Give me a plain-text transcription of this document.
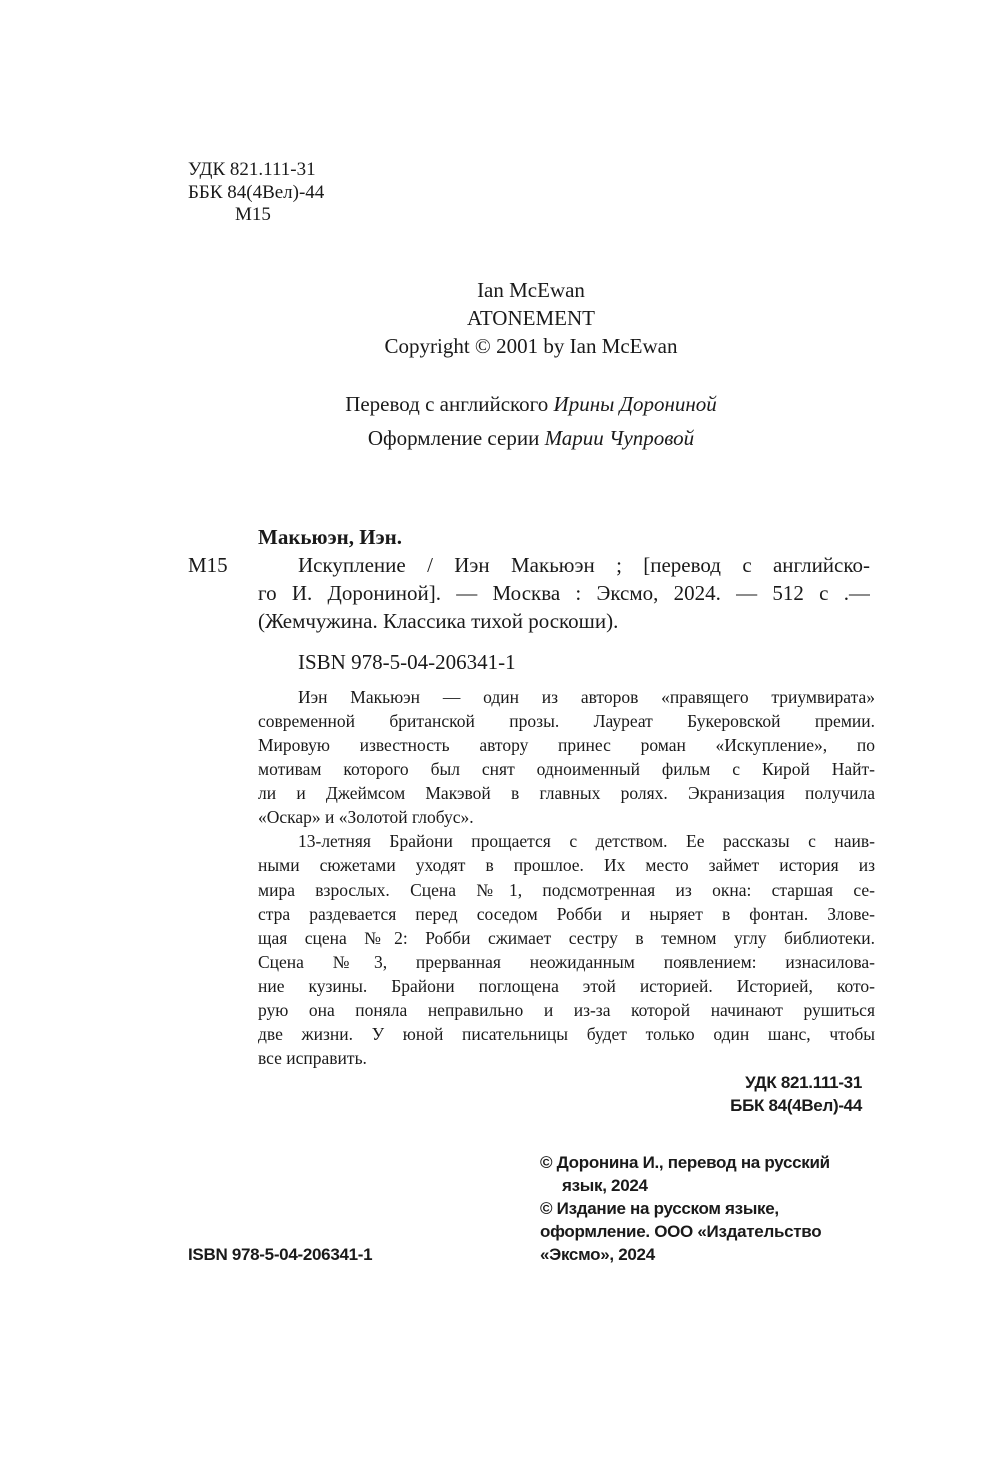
УДК 821.111-31
ББК 84(4Вел)-44
М15
Ian McEwan
ATONEMENT
Copyright © 2001 by Ian McEwan
Перевод с английского Ирины Дорониной
Оформление серии Марии Чупровой
Макьюэн, Иэн.
М15	Искупление / Иэн Макьюэн ; [перевод с английско-
го И. Дорониной]. — Москва : Эксмо, 2024. — 512 с .—
(Жемчужина. Классика тихой роскоши).
ISBN 978-5-04-206341-1
Иэн Макьюэн — один из авторов «правящего триумвирата»
современной британской прозы. Лауреат Букеровской премии.
Мировую известность автору принес роман «Искупление», по
мотивам которого был снят одноименный фильм с Кирой Найт-
ли и Джеймсом Макэвой в главных ролях. Экранизация получила
«Оскар» и «Золотой глобус».
13-летняя Брайони прощается с детством. Ее рассказы с наив-
ными сюжетами уходят в прошлое. Их место займет история из
мира взрослых. Сцена №1, подсмотренная из окна: старшая се-
стра раздевается перед соседом Робби и ныряет в фонтан. Злове-
щая сцена №2: Робби сжимает сестру в темном углу библиотеки.
Сцена №3, прерванная неожиданным появлением: изнасилова-
ние кузины. Брайони поглощена этой историей. Историей, кото-
рую она поняла неправильно и из-за которой начинают рушиться
две жизни. У юной писательницы будет только один шанс, чтобы
все исправить.
УДК 821.111-31
ББК 84(4Вел)-44
© Доронина И., перевод на русский
язык, 2024
© Издание на русском языке,
оформление. ООО «Издательство
«Эксмо», 2024
ISBN 978-5-04-206341-1
